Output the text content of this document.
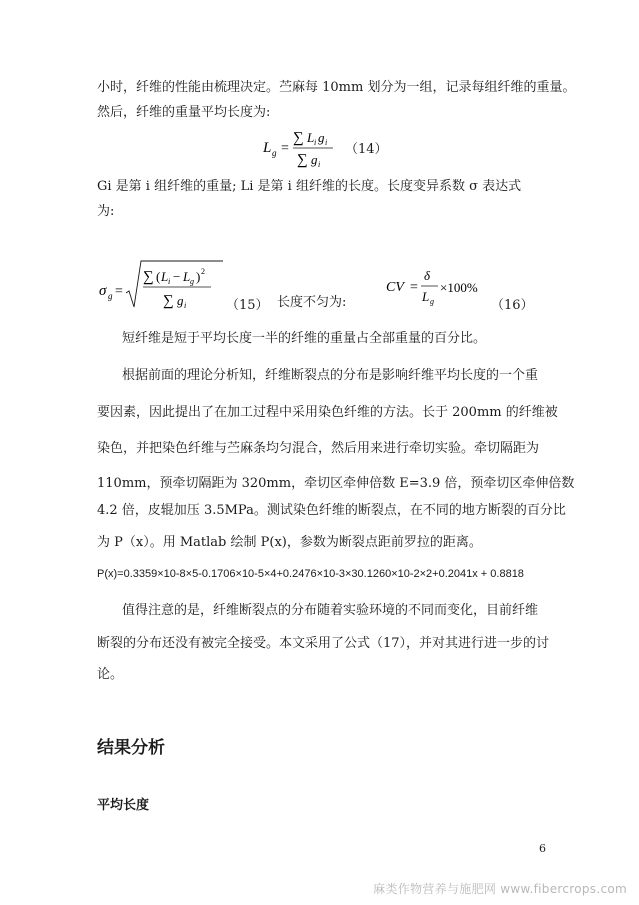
小时，纤维的性能由梳理决定。苎麻每 10mm 划分为一组，记录每组纤维的重量。
然后，纤维的重量平均长度为:
L g =
∑ L i g i
∑ g i
（14）
Gi 是第 i 组纤维的重量; Li 是第 i 组纤维的长度。长度变异系数 σ 表达式
为:
σ g =
∑ ( L i − L g ) 2
∑ g i	（15） 长度不匀为:
CV =
δ
L g
×100%
（16）
短纤维是短于平均长度一半的纤维的重量占全部重量的百分比。
根据前面的理论分析知，纤维断裂点的分布是影响纤维平均长度的一个重
要因素，因此提出了在加工过程中采用染色纤维的方法。长于 200mm 的纤维被
染色，并把染色纤维与苎麻条均匀混合，然后用来进行牵切实验。牵切隔距为
110mm，预牵切隔距为 320mm，牵切区牵伸倍数 E=3.9 倍，预牵切区牵伸倍数
4.2 倍，皮辊加压 3.5MPa。测试染色纤维的断裂点，在不同的地方断裂的百分比
为 P（x）。用 Matlab 绘制 P(x)，参数为断裂点距前罗拉的距离。
P(x)=0.3359×10-8×5-0.1706×10-5×4+0.2476×10-3×30.1260×10-2×2+0.2041x + 0.8818
值得注意的是，纤维断裂点的分布随着实验环境的不同而变化，目前纤维
断裂的分布还没有被完全接受。本文采用了公式（17），并对其进行进一步的讨
论。
结果分析
平均长度
6
麻类作物营养与施肥网 www.fibercrops.com
